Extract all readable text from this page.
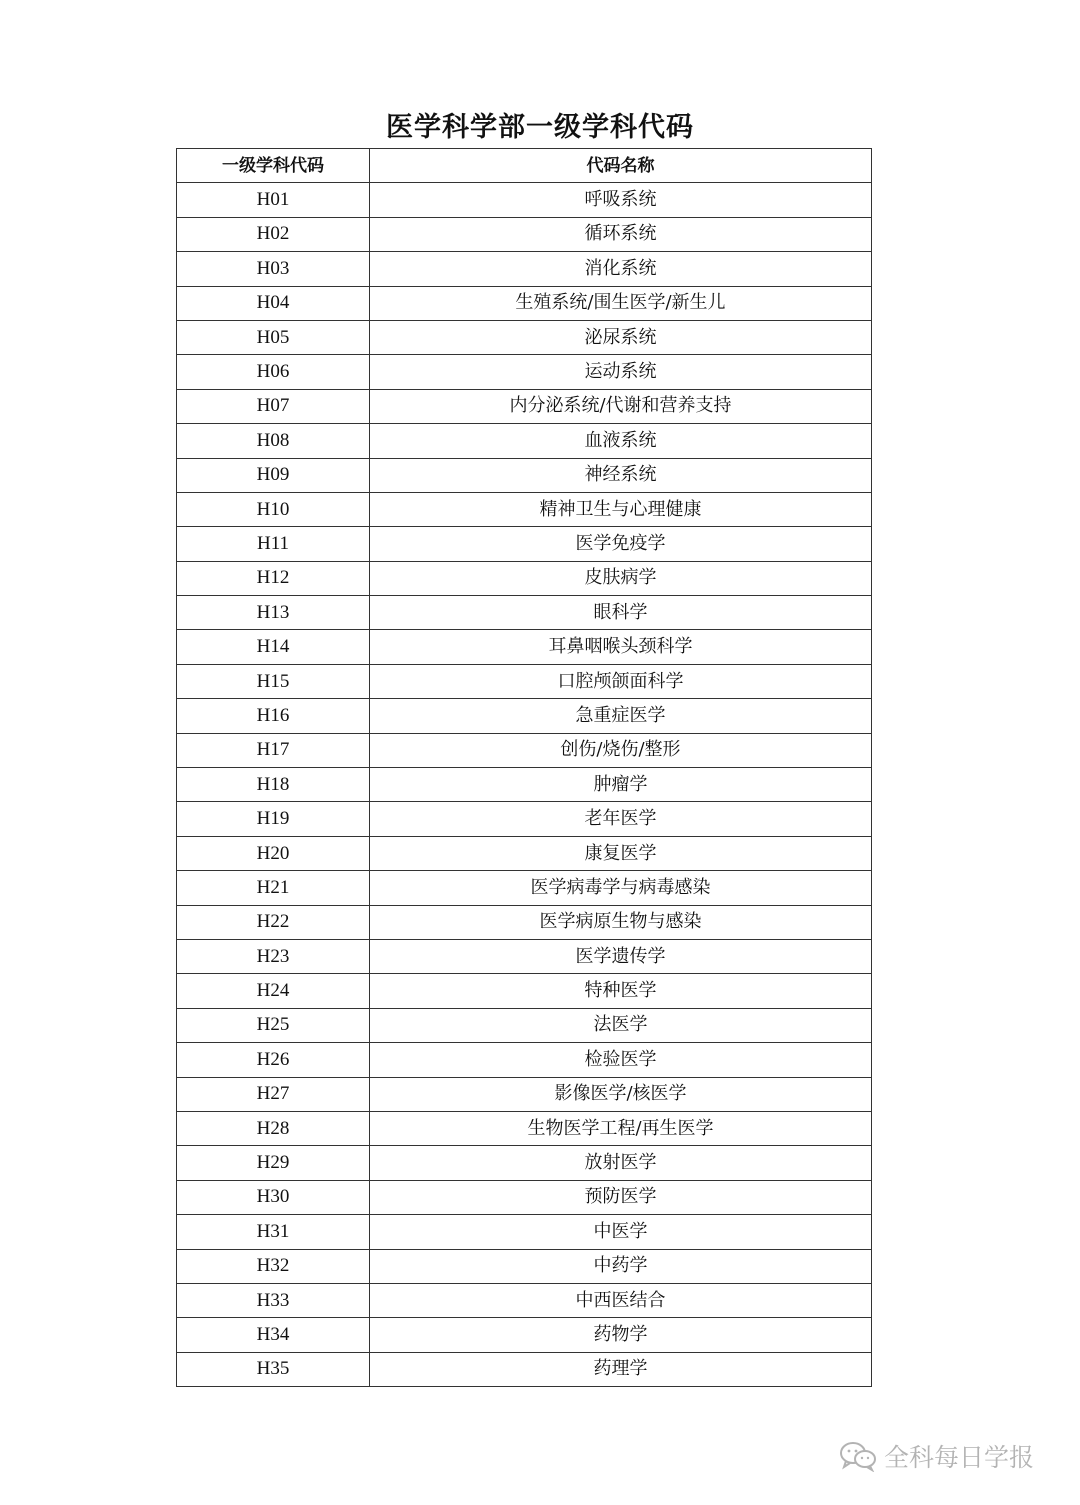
医学科学部一级学科代码
一级学科代码	代码名称
H01	呼吸系统
H02	循环系统
H03	消化系统
H04	生殖系统/围生医学/新生儿
H05	泌尿系统
H06	运动系统
H07	内分泌系统/代谢和营养支持
H08	血液系统
H09	神经系统
H10	精神卫生与心理健康
H11	医学免疫学
H12	皮肤病学
H13	眼科学
H14	耳鼻咽喉头颈科学
H15	口腔颅颌面科学
H16	急重症医学
H17	创伤/烧伤/整形
H18	肿瘤学
H19	老年医学
H20	康复医学
H21	医学病毒学与病毒感染
H22	医学病原生物与感染
H23	医学遗传学
H24	特种医学
H25	法医学
H26	检验医学
H27	影像医学/核医学
H28	生物医学工程/再生医学
H29	放射医学
H30	预防医学
H31	中医学
H32	中药学
H33	中西医结合
H34	药物学
H35	药理学
全科每日学报
